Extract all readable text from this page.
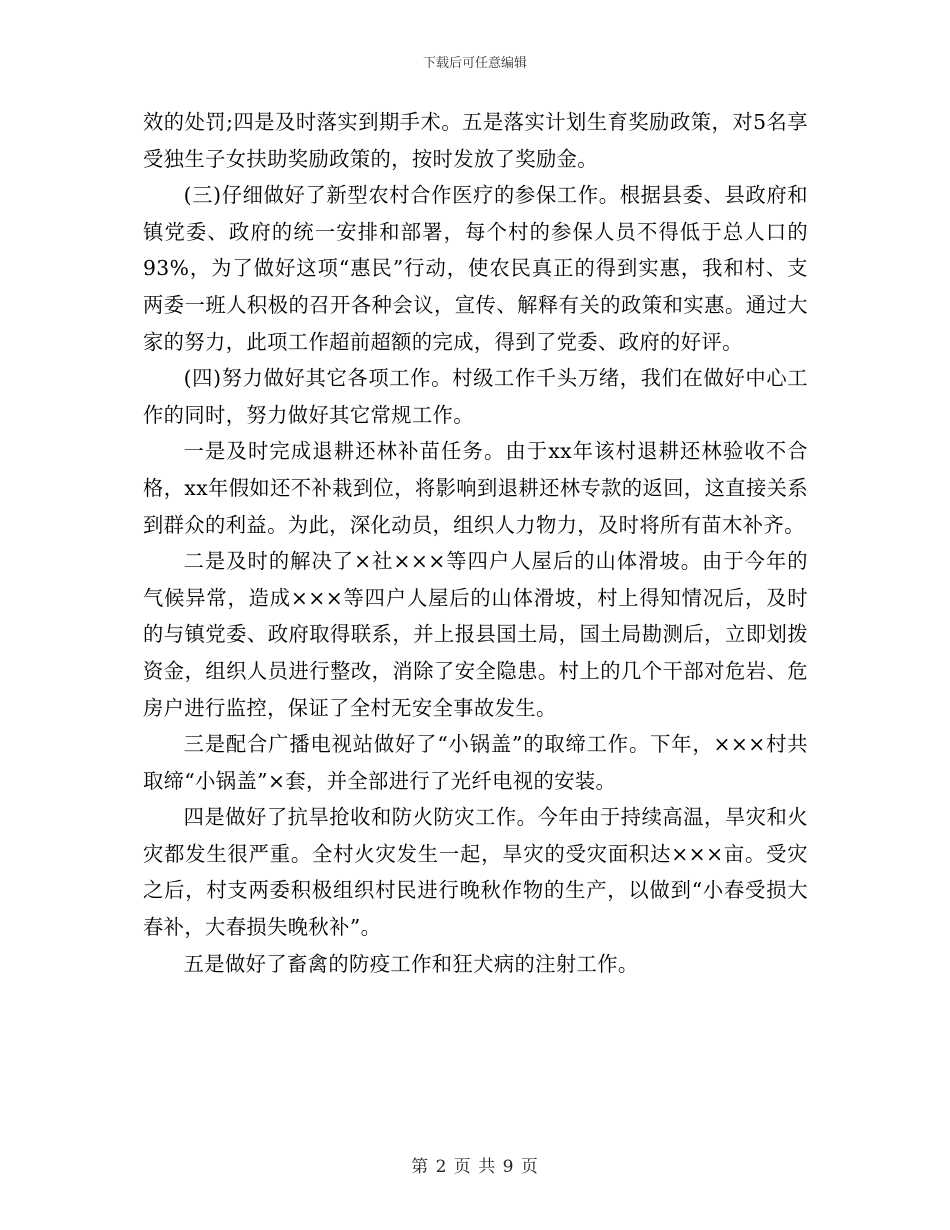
下载后可任意编辑

效的处罚;四是及时落实到期手术。五是落实计划生育奖励政策，对5名享受独生子女扶助奖励政策的，按时发放了奖励金。

(三)仔细做好了新型农村合作医疗的参保工作。根据县委、县政府和镇党委、政府的统一安排和部署，每个村的参保人员不得低于总人口的93%，为了做好这项“惠民”行动，使农民真正的得到实惠，我和村、支两委一班人积极的召开各种会议，宣传、解释有关的政策和实惠。通过大家的努力，此项工作超前超额的完成，得到了党委、政府的好评。

(四)努力做好其它各项工作。村级工作千头万绪，我们在做好中心工作的同时，努力做好其它常规工作。

一是及时完成退耕还林补苗任务。由于xx年该村退耕还林验收不合格，xx年假如还不补栽到位，将影响到退耕还林专款的返回，这直接关系到群众的利益。为此，深化动员，组织人力物力，及时将所有苗木补齐。

二是及时的解决了×社×××等四户人屋后的山体滑坡。由于今年的气候异常，造成×××等四户人屋后的山体滑坡，村上得知情况后，及时的与镇党委、政府取得联系，并上报县国土局，国土局勘测后，立即划拨资金，组织人员进行整改，消除了安全隐患。村上的几个干部对危岩、危房户进行监控，保证了全村无安全事故发生。

三是配合广播电视站做好了“小锅盖”的取缔工作。下年，×××村共取缔“小锅盖”×套，并全部进行了光纤电视的安装。

四是做好了抗旱抢收和防火防灾工作。今年由于持续高温，旱灾和火灾都发生很严重。全村火灾发生一起，旱灾的受灾面积达×××亩。受灾之后，村支两委积极组织村民进行晚秋作物的生产，以做到“小春受损大春补，大春损失晚秋补”。

五是做好了畜禽的防疫工作和狂犬病的注射工作。

第 2 页 共 9 页
